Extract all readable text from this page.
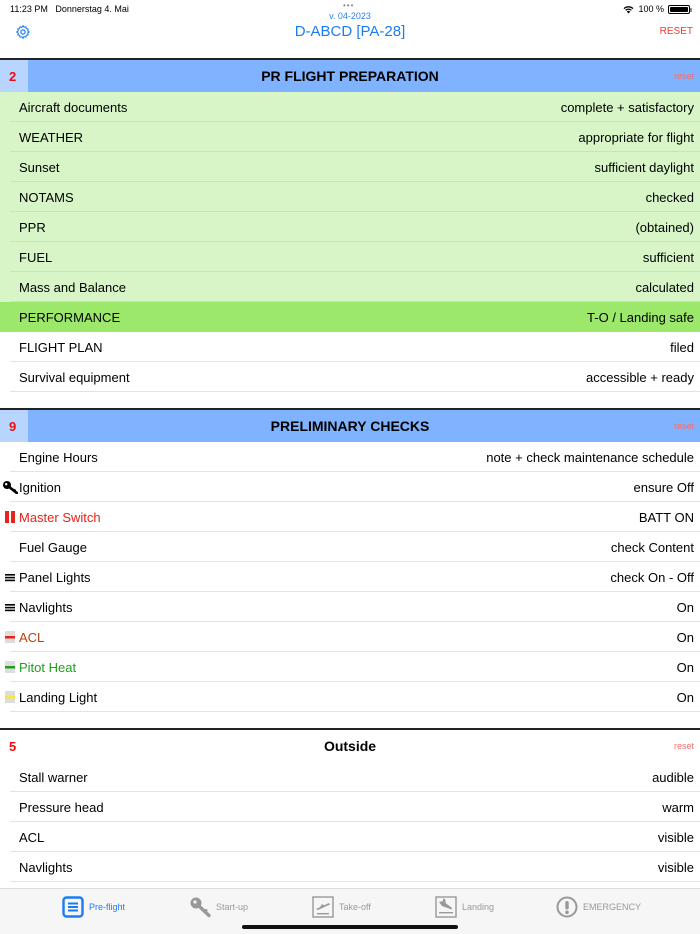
11:23 PM Donnerstag 4. Mai	•••	100 %
v. 04-2023
D-ABCD [PA-28]	RESET
2	PR FLIGHT PREPARATION	reset
Aircraft documents	complete + satisfactory
WEATHER	appropriate for flight
Sunset	sufficient daylight
NOTAMS	checked
PPR	(obtained)
FUEL	sufficient
Mass and Balance	calculated
PERFORMANCE	T-O / Landing safe
FLIGHT PLAN	filed
Survival equipment	accessible + ready
9	PRELIMINARY CHECKS	reset
Engine Hours	note + check maintenance schedule
Ignition	ensure Off
Master Switch	BATT ON
Fuel Gauge	check Content
Panel Lights	check On - Off
Navlights	On
ACL	On
Pitot Heat	On
Landing Light	On
5	Outside	reset
Stall warner	audible
Pressure head	warm
ACL	visible
Navlights	visible
Pre-flight	Start-up	Take-off	Landing	EMERGENCY
